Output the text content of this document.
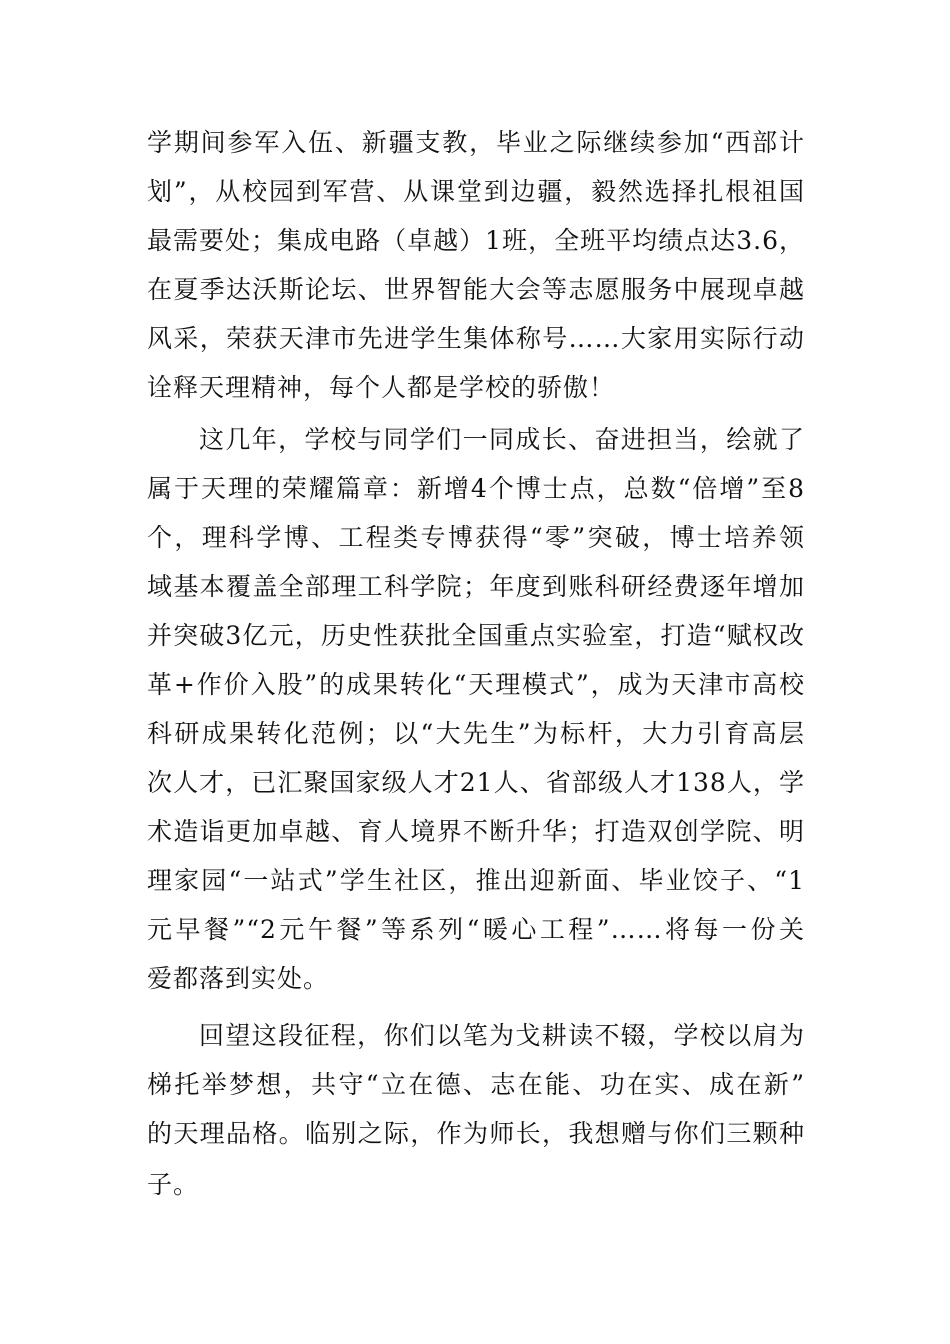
学期间参军入伍、新疆支教，毕业之际继续参加“西部计
划”，从校园到军营、从课堂到边疆，毅然选择扎根祖国
最需要处；集成电路（卓越）1班，全班平均绩点达3.6，
在夏季达沃斯论坛、世界智能大会等志愿服务中展现卓越
风采，荣获天津市先进学生集体称号……大家用实际行动
诠释天理精神，每个人都是学校的骄傲！
这几年，学校与同学们一同成长、奋进担当，绘就了
属于天理的荣耀篇章：新增4个博士点，总数“倍增”至8
个，理科学博、工程类专博获得“零”突破，博士培养领
域基本覆盖全部理工科学院；年度到账科研经费逐年增加
并突破3亿元，历史性获批全国重点实验室，打造“赋权改
革+作价入股”的成果转化“天理模式”，成为天津市高校
科研成果转化范例；以“大先生”为标杆，大力引育高层
次人才，已汇聚国家级人才21人、省部级人才138人，学
术造诣更加卓越、育人境界不断升华；打造双创学院、明
理家园“一站式”学生社区，推出迎新面、毕业饺子、“1
元早餐”“2元午餐”等系列“暖心工程”……将每一份关
爱都落到实处。
回望这段征程，你们以笔为戈耕读不辍，学校以肩为
梯托举梦想，共守“立在德、志在能、功在实、成在新”
的天理品格。临别之际，作为师长，我想赠与你们三颗种
子。
